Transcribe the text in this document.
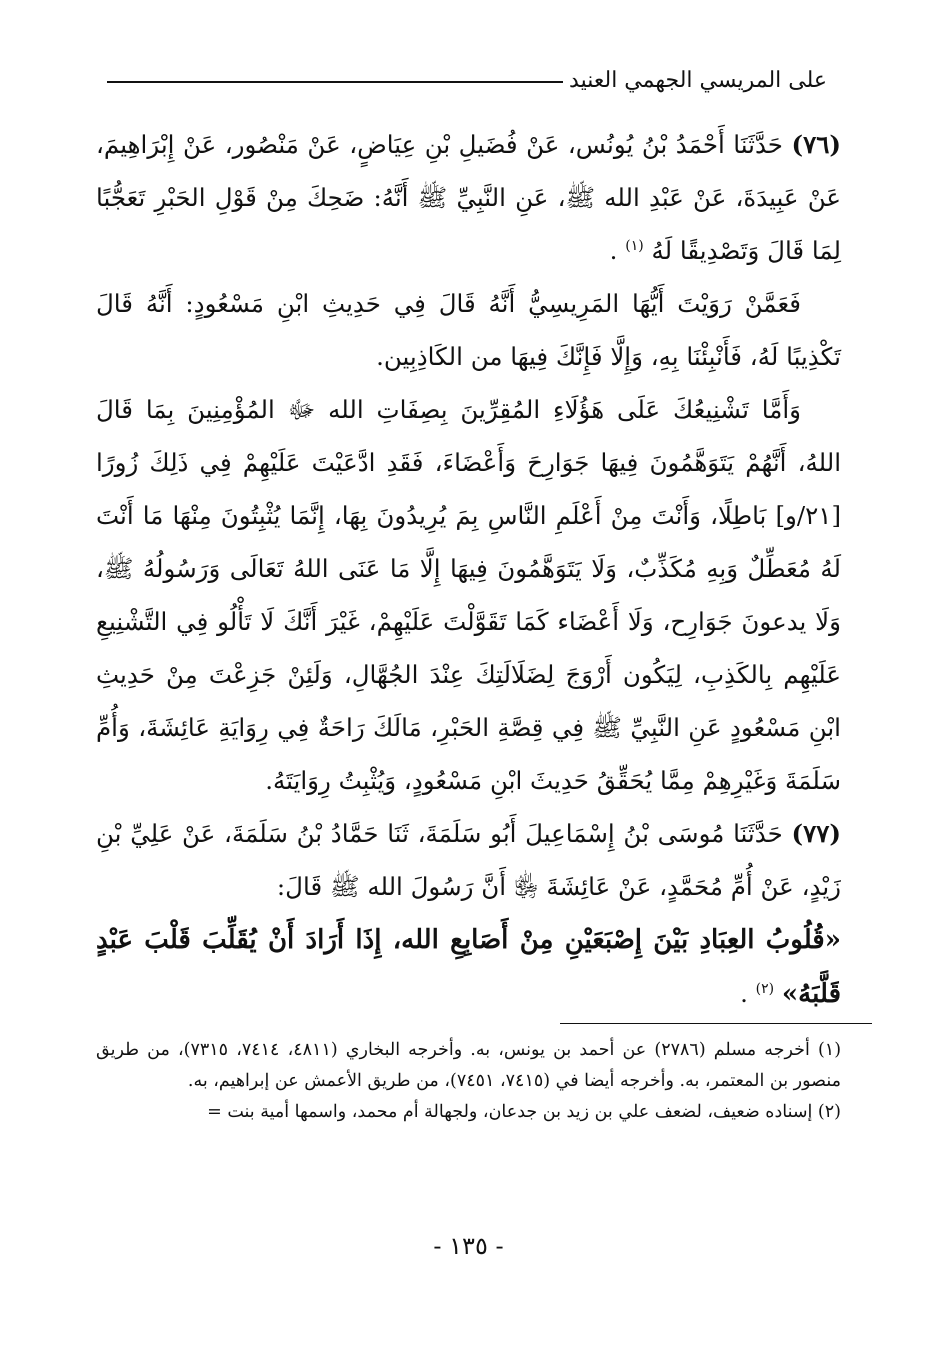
على المريسي الجهمي العنيد

(٧٦) حَدَّثَنَا أَحْمَدُ بْنُ يُونُس، عَنْ فُضَيلِ بْنِ عِيَاضٍ، عَنْ مَنْصُور، عَنْ إِبْرَاهِيمَ، عَنْ عَبِيدَةَ، عَنْ عَبْدِ الله ﷺ، عَنِ النَّبِيِّ ﷺ أَنَّهُ: ضَحِكَ مِنْ قَوْلِ الحَبْرِ تَعَجُّبًا لِمَا قَالَ وَتَصْدِيقًا لَهُ $^{(١)}$ .

فَعَمَّنْ رَوَيْتَ أَيُّهَا المَرِيسِيُّ أَنَّهُ قَالَ فِي حَدِيثِ ابْنِ مَسْعُودٍ: أَنَّهُ قَالَ تَكْذِيبًا لَهُ، فَأَنْبِئْنَا بِهِ، وَإِلَّا فَإِنَّكَ فِيهَا من الكَاذِبِين.

وَأَمَّا تَشْنِيعُكَ عَلَى هَؤُلَاءِ المُقِرِّينَ بِصِفَاتِ الله ﷻ المُؤْمِنِينَ بِمَا قَالَ اللهُ، أَنَّهُمْ يَتَوَهَّمُونَ فِيهَا جَوَارِحَ وَأَعْضَاءَ، فَقَدِ ادَّعَيْتَ عَلَيْهِمْ فِي ذَلِكَ زُورًا [٢١/و] بَاطِلًا، وَأَنْتَ مِنْ أَعْلَمِ النَّاسِ بِمَ يُرِيدُونَ بِهَا، إِنَّمَا يُثْبِتُونَ مِنْهَا مَا أَنْتَ لَهُ مُعَطِّلٌ وَبِهِ مُكَذِّبٌ، وَلَا يَتَوَهَّمُونَ فِيهَا إِلَّا مَا عَنَى اللهُ تَعَالَى وَرَسُولُهُ ﷺ، وَلَا يدعونَ جَوَارِح، وَلَا أَعْضَاء كَمَا تَقَوَّلْتَ عَلَيْهِمْ، غَيْرَ أَنَّكَ لَا تَأْلُو فِي التَّشْنِيعِ عَلَيْهِم بِالكَذِبِ، لِيَكُون أَرْوَجَ لِضَلَالَتِكَ عِنْدَ الجُهَّالِ، وَلَئِنْ جَزِعْتَ مِنْ حَدِيثِ ابْنِ مَسْعُودٍ عَنِ النَّبِيِّ ﷺ فِي قِصَّةِ الحَبْرِ، مَالَكَ رَاحَةٌ فِي رِوَايَةِ عَائِشَةَ، وَأُمِّ سَلَمَةَ وَغَيْرِهِمْ مِمَّا يُحَقِّقُ حَدِيثَ ابْنِ مَسْعُودٍ، وَيُثْبِتُ رِوَايَتَهُ.

(٧٧) حَدَّثَنَا مُوسَى بْنُ إِسْمَاعِيلَ أَبُو سَلَمَةَ، ثَنَا حَمَّادُ بْنُ سَلَمَةَ، عَنْ عَلِيِّ بْنِ زَيْدٍ، عَنْ أُمِّ مُحَمَّدٍ، عَنْ عَائِشَةَ ﵂ أَنَّ رَسُولَ الله ﷺ قَالَ:

«قُلُوبُ العِبَادِ بَيْنَ إِصْبَعَيْنِ مِنْ أَصَابِعِ الله، إِذَا أَرَادَ أَنْ يُقَلِّبَ قَلْبَ عَبْدٍ قَلَّبَهُ» $^{(٢)}$ .

(١) أخرجه مسلم (٢٧٨٦) عن أحمد بن يونس، به. وأخرجه البخاري (٤٨١١، ٧٤١٤، ٧٣١٥)، من طريق منصور بن المعتمر، به. وأخرجه أيضا في (٧٤١٥، ٧٤٥١)، من طريق الأعمش عن إبراهيم، به.

(٢) إسناده ضعيف، لضعف علي بن زيد بن جدعان، ولجهالة أم محمد، واسمها أمية بنت =

- ١٣٥ -
